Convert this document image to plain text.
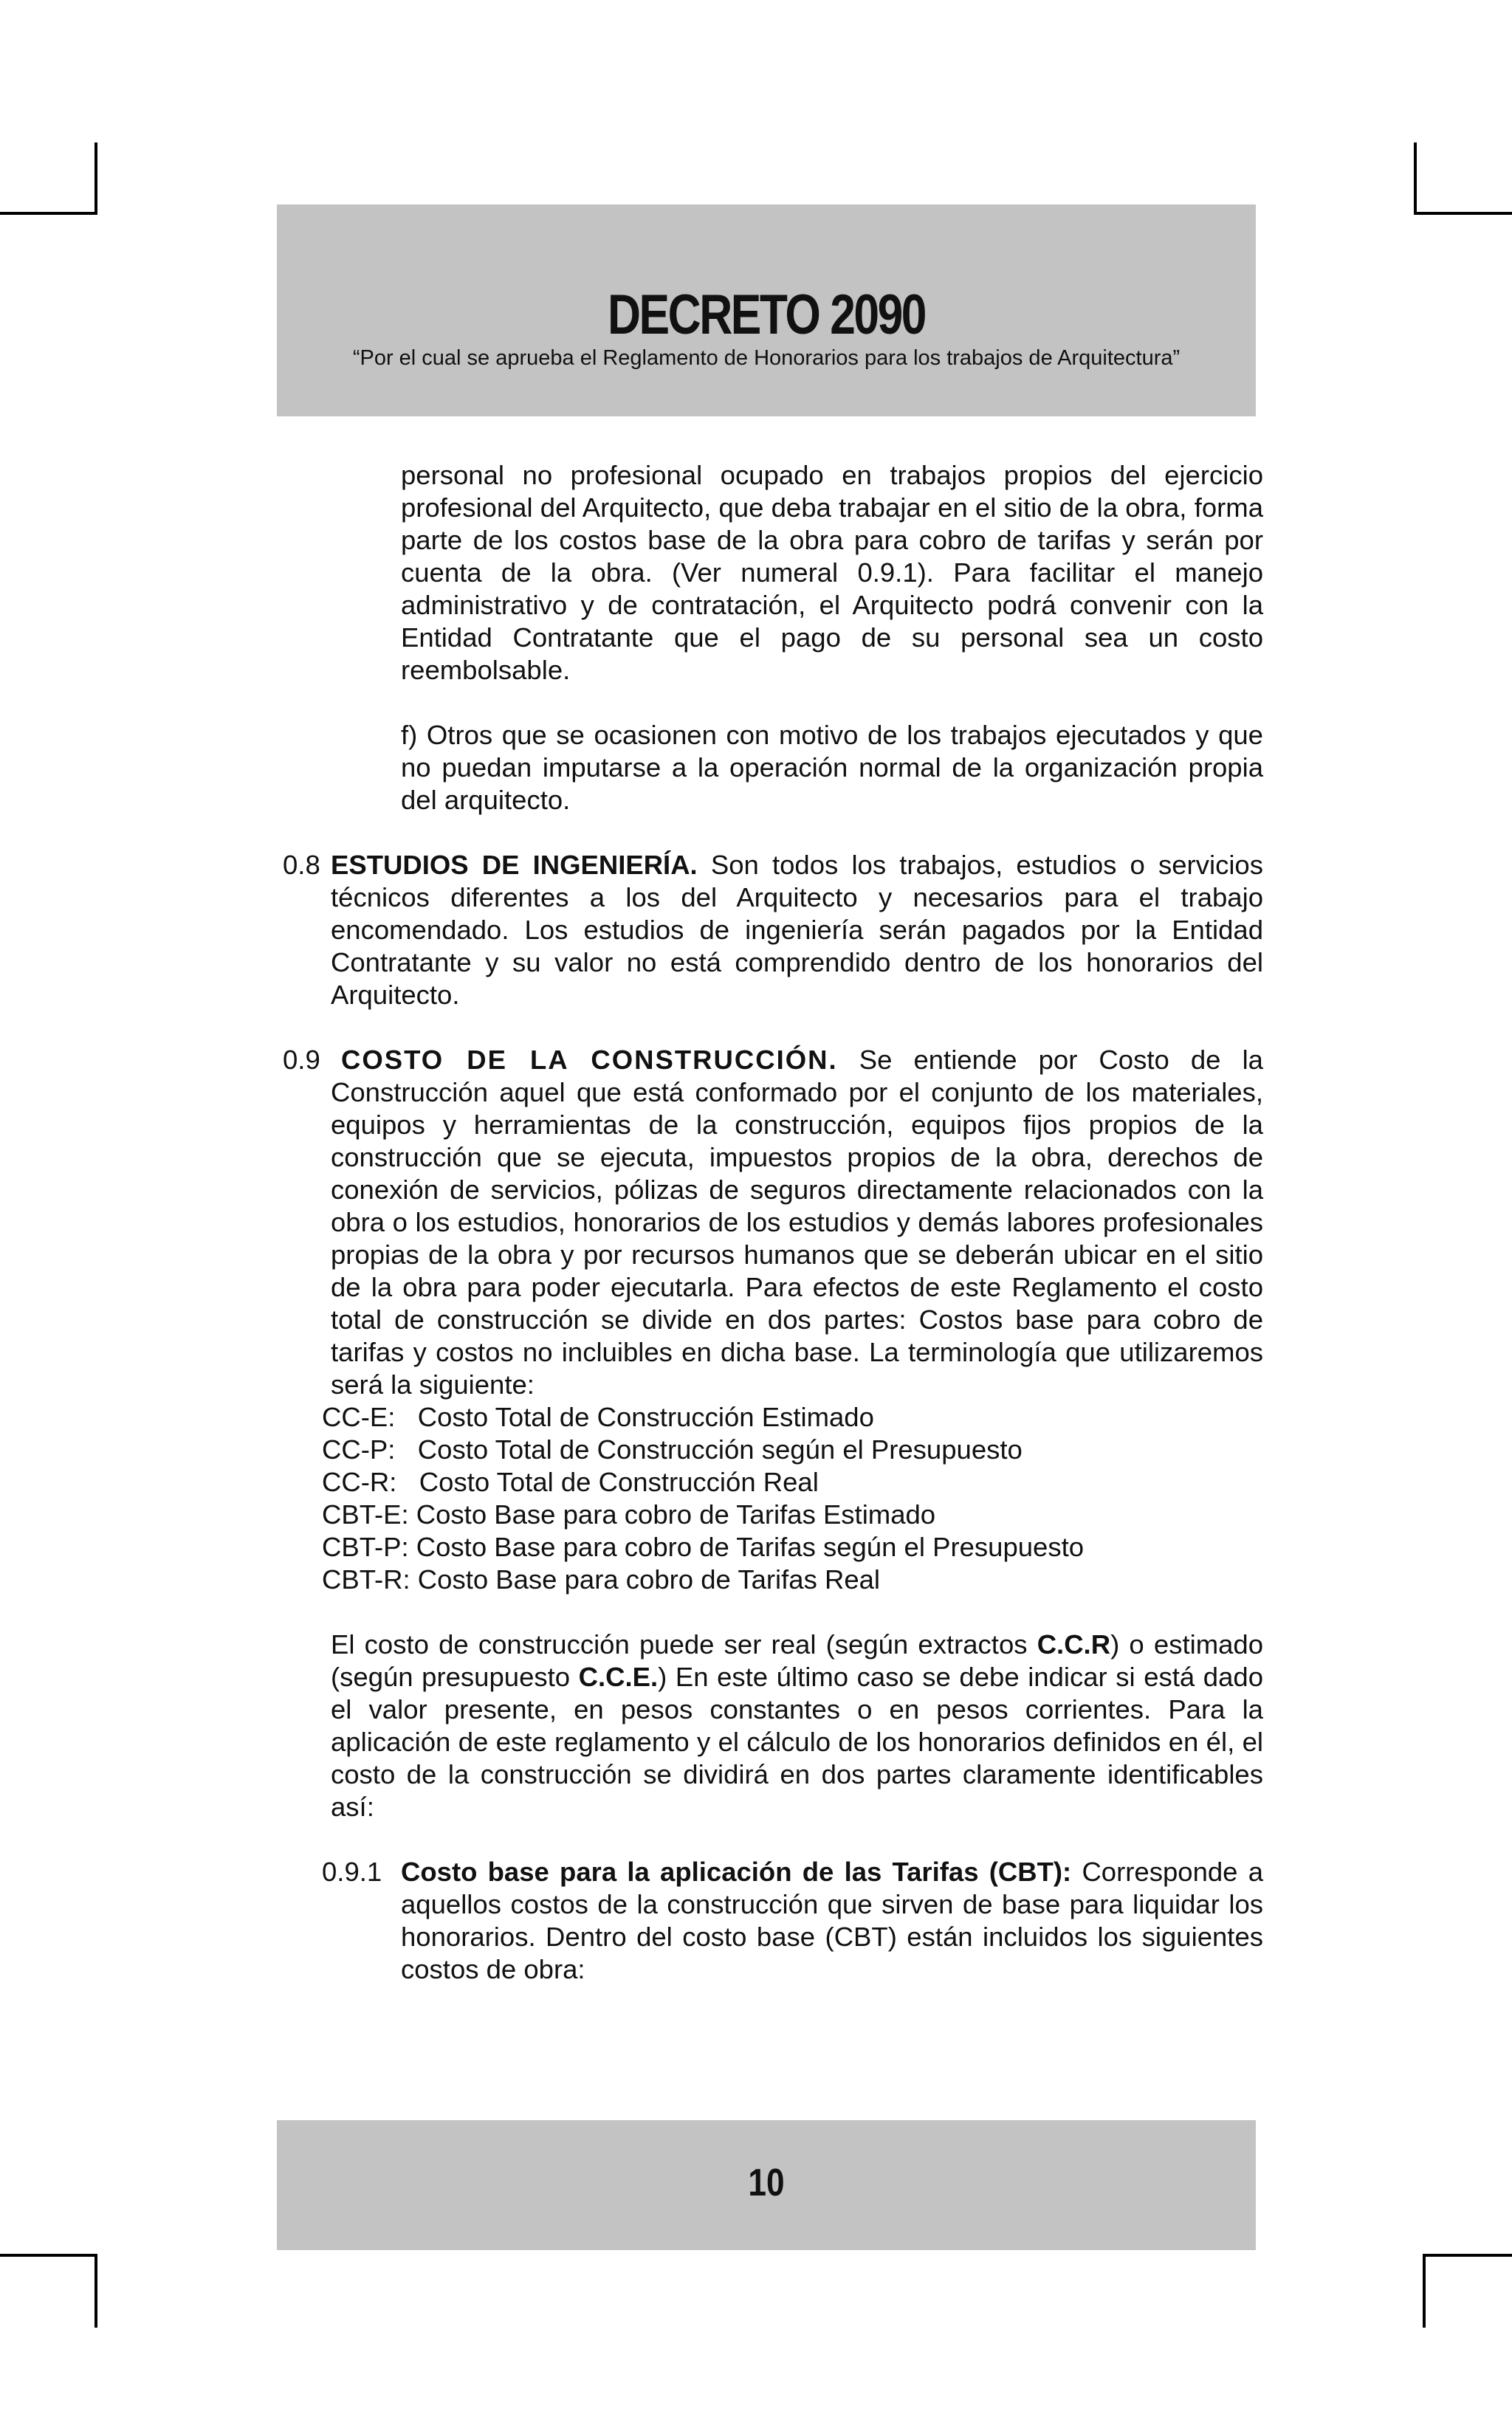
DECRETO 2090
“Por el cual se aprueba el Reglamento de Honorarios para los trabajos de Arquitectura”

personal no profesional ocupado en trabajos propios del ejercicio profesional del Arquitecto, que deba trabajar en el sitio de la obra, forma parte de los costos base de la obra para cobro de tarifas y serán por cuenta de la obra. (Ver numeral 0.9.1). Para facilitar el manejo administrativo y de contratación, el Arquitecto podrá convenir con la Entidad Contratante que el pago de su personal sea un costo reembolsable.

f) Otros que se ocasionen con motivo de los trabajos ejecutados y que no puedan imputarse a la operación normal de la organización propia del arquitecto.

0.8 ESTUDIOS DE INGENIERÍA. Son todos los trabajos, estudios o servicios técnicos diferentes a los del Arquitecto y necesarios para el trabajo encomendado. Los estudios de ingeniería serán pagados por la Entidad Contratante y su valor no está comprendido dentro de los honorarios del Arquitecto.

0.9 COSTO DE LA CONSTRUCCIÓN. Se entiende por Costo de la Construcción aquel que está conformado por el conjunto de los materiales, equipos y herramientas de la construcción, equipos fijos propios de la construcción que se ejecuta, impuestos propios de la obra, derechos de conexión de servicios, pólizas de seguros directamente relacionados con la obra o los estudios, honorarios de los estudios y demás labores profesionales propias de la obra y por recursos humanos que se deberán ubicar en el sitio de la obra para poder ejecutarla. Para efectos de este Reglamento el costo total de construcción se divide en dos partes: Costos base para cobro de tarifas y costos no incluibles en dicha base. La terminología que utilizaremos será la siguiente:

CC-E:   Costo Total de Construcción Estimado
CC-P:   Costo Total de Construcción según el Presupuesto
CC-R:   Costo Total de Construcción Real
CBT-E: Costo Base para cobro de Tarifas Estimado
CBT-P: Costo Base para cobro de Tarifas según el Presupuesto
CBT-R: Costo Base para cobro de Tarifas Real

El costo de construcción puede ser real (según extractos C.C.R) o estimado (según presupuesto C.C.E.) En este último caso se debe indicar si está dado el valor presente, en pesos constantes o en pesos corrientes. Para la aplicación de este reglamento y el cálculo de los honorarios definidos en él, el costo de la construcción se dividirá en dos partes claramente identificables así:

0.9.1 Costo base para la aplicación de las Tarifas (CBT): Corresponde a aquellos costos de la construcción que sirven de base para liquidar los honorarios. Dentro del costo base (CBT) están incluidos los siguientes costos de obra:

10
